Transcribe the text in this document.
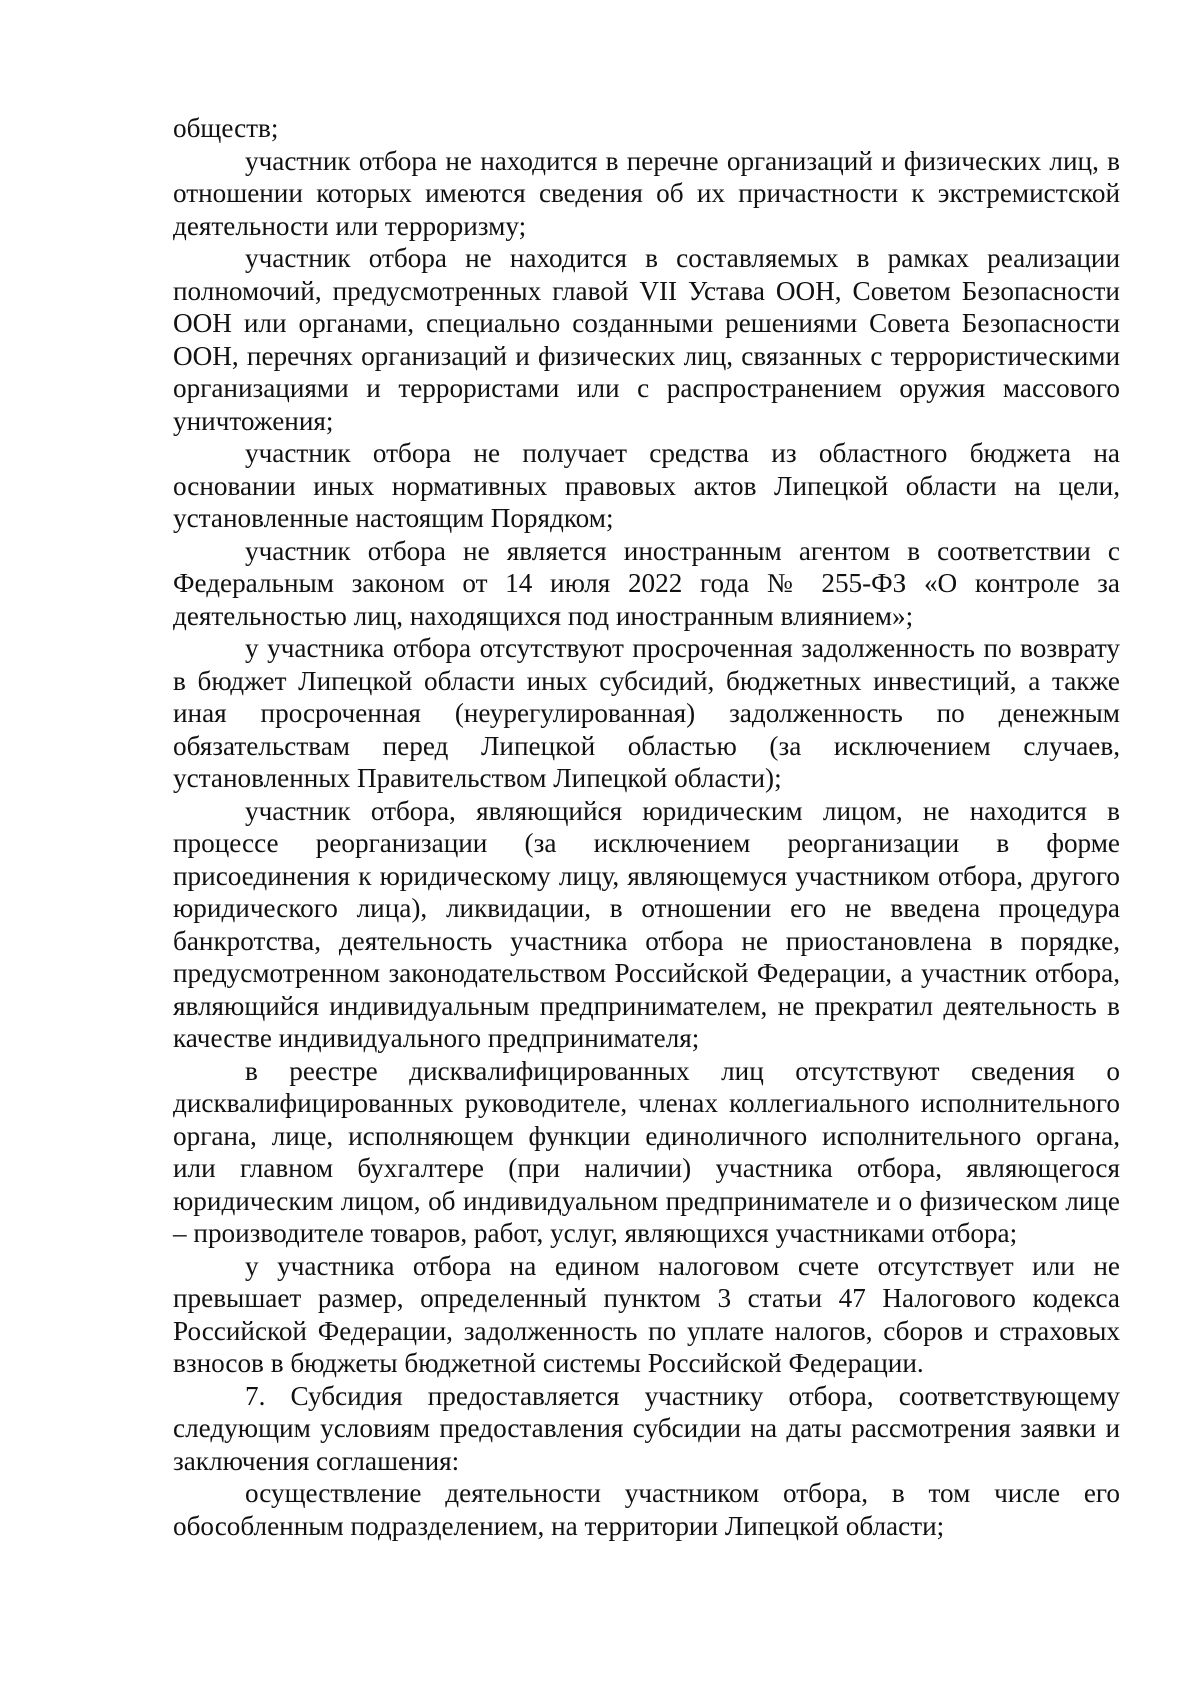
обществ;

участник отбора не находится в перечне организаций и физических лиц, в отношении которых имеются сведения об их причастности к экстремистской деятельности или терроризму;

участник отбора не находится в составляемых в рамках реализации полномочий, предусмотренных главой VII Устава ООН, Советом Безопасности ООН или органами, специально созданными решениями Совета Безопасности ООН, перечнях организаций и физических лиц, связанных с террористическими организациями и террористами или с распространением оружия массового уничтожения;

участник отбора не получает средства из областного бюджета на основании иных нормативных правовых актов Липецкой области на цели, установленные настоящим Порядком;

участник отбора не является иностранным агентом в соответствии с Федеральным законом от 14 июля 2022 года № 255-ФЗ «О контроле за деятельностью лиц, находящихся под иностранным влиянием»;

у участника отбора отсутствуют просроченная задолженность по возврату в бюджет Липецкой области иных субсидий, бюджетных инвестиций, а также иная просроченная (неурегулированная) задолженность по денежным обязательствам перед Липецкой областью (за исключением случаев, установленных Правительством Липецкой области);

участник отбора, являющийся юридическим лицом, не находится в процессе реорганизации (за исключением реорганизации в форме присоединения к юридическому лицу, являющемуся участником отбора, другого юридического лица), ликвидации, в отношении его не введена процедура банкротства, деятельность участника отбора не приостановлена в порядке, предусмотренном законодательством Российской Федерации, а участник отбора, являющийся индивидуальным предпринимателем, не прекратил деятельность в качестве индивидуального предпринимателя;

в реестре дисквалифицированных лиц отсутствуют сведения о дисквалифицированных руководителе, членах коллегиального исполнительного органа, лице, исполняющем функции единоличного исполнительного органа, или главном бухгалтере (при наличии) участника отбора, являющегося юридическим лицом, об индивидуальном предпринимателе и о физическом лице – производителе товаров, работ, услуг, являющихся участниками отбора;

у участника отбора на едином налоговом счете отсутствует или не превышает размер, определенный пунктом 3 статьи 47 Налогового кодекса Российской Федерации, задолженность по уплате налогов, сборов и страховых взносов в бюджеты бюджетной системы Российской Федерации.

7. Субсидия предоставляется участнику отбора, соответствующему следующим условиям предоставления субсидии на даты рассмотрения заявки и заключения соглашения:

осуществление деятельности участником отбора, в том числе его обособленным подразделением, на территории Липецкой области;
